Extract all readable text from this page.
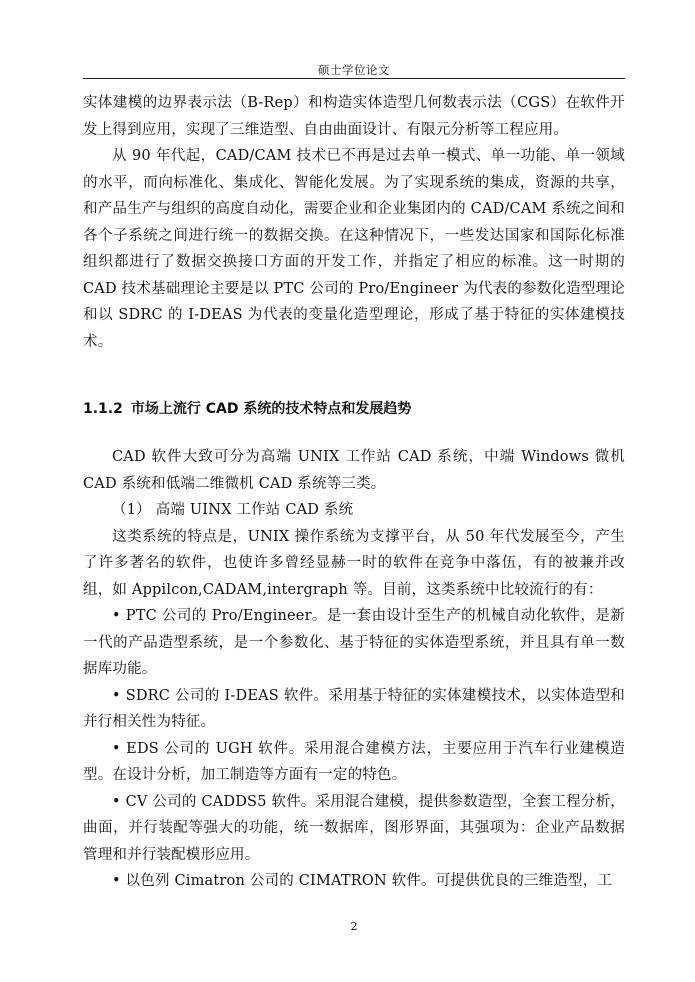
硕士学位论文

实体建模的边界表示法（B-Rep）和构造实体造型几何数表示法（CGS）在软件开发上得到应用，实现了三维造型、自由曲面设计、有限元分析等工程应用。

从 90 年代起，CAD/CAM 技术已不再是过去单一模式、单一功能、单一领域的水平，而向标准化、集成化、智能化发展。为了实现系统的集成，资源的共享，和产品生产与组织的高度自动化，需要企业和企业集团内的 CAD/CAM 系统之间和各个子系统之间进行统一的数据交换。在这种情况下，一些发达国家和国际化标准组织都进行了数据交换接口方面的开发工作，并指定了相应的标准。这一时期的 CAD 技术基础理论主要是以 PTC 公司的 Pro/Engineer 为代表的参数化造型理论和以 SDRC 的 I-DEAS 为代表的变量化造型理论，形成了基于特征的实体建模技术。

1.1.2 市场上流行 CAD 系统的技术特点和发展趋势

CAD 软件大致可分为高端 UNIX 工作站 CAD 系统，中端 Windows 微机 CAD 系统和低端二维微机 CAD 系统等三类。

（1） 高端 UINX 工作站 CAD 系统

这类系统的特点是，UNIX 操作系统为支撑平台，从 50 年代发展至今，产生了许多著名的软件，也使许多曾经显赫一时的软件在竞争中落伍，有的被兼并改组，如 Appilcon,CADAM,intergraph 等。目前，这类系统中比较流行的有：

• PTC 公司的 Pro/Engineer。是一套由设计至生产的机械自动化软件，是新一代的产品造型系统，是一个参数化、基于特征的实体造型系统，并且具有单一数据库功能。

• SDRC 公司的 I-DEAS 软件。采用基于特征的实体建模技术，以实体造型和并行相关性为特征。

• EDS 公司的 UGH 软件。采用混合建模方法，主要应用于汽车行业建模造型。在设计分析，加工制造等方面有一定的特色。

• CV 公司的 CADDS5 软件。采用混合建模，提供参数造型，全套工程分析，曲面，并行装配等强大的功能，统一数据库，图形界面，其强项为：企业产品数据管理和并行装配模形应用。

• 以色列 Cimatron 公司的 CIMATRON 软件。可提供优良的三维造型，工

2
